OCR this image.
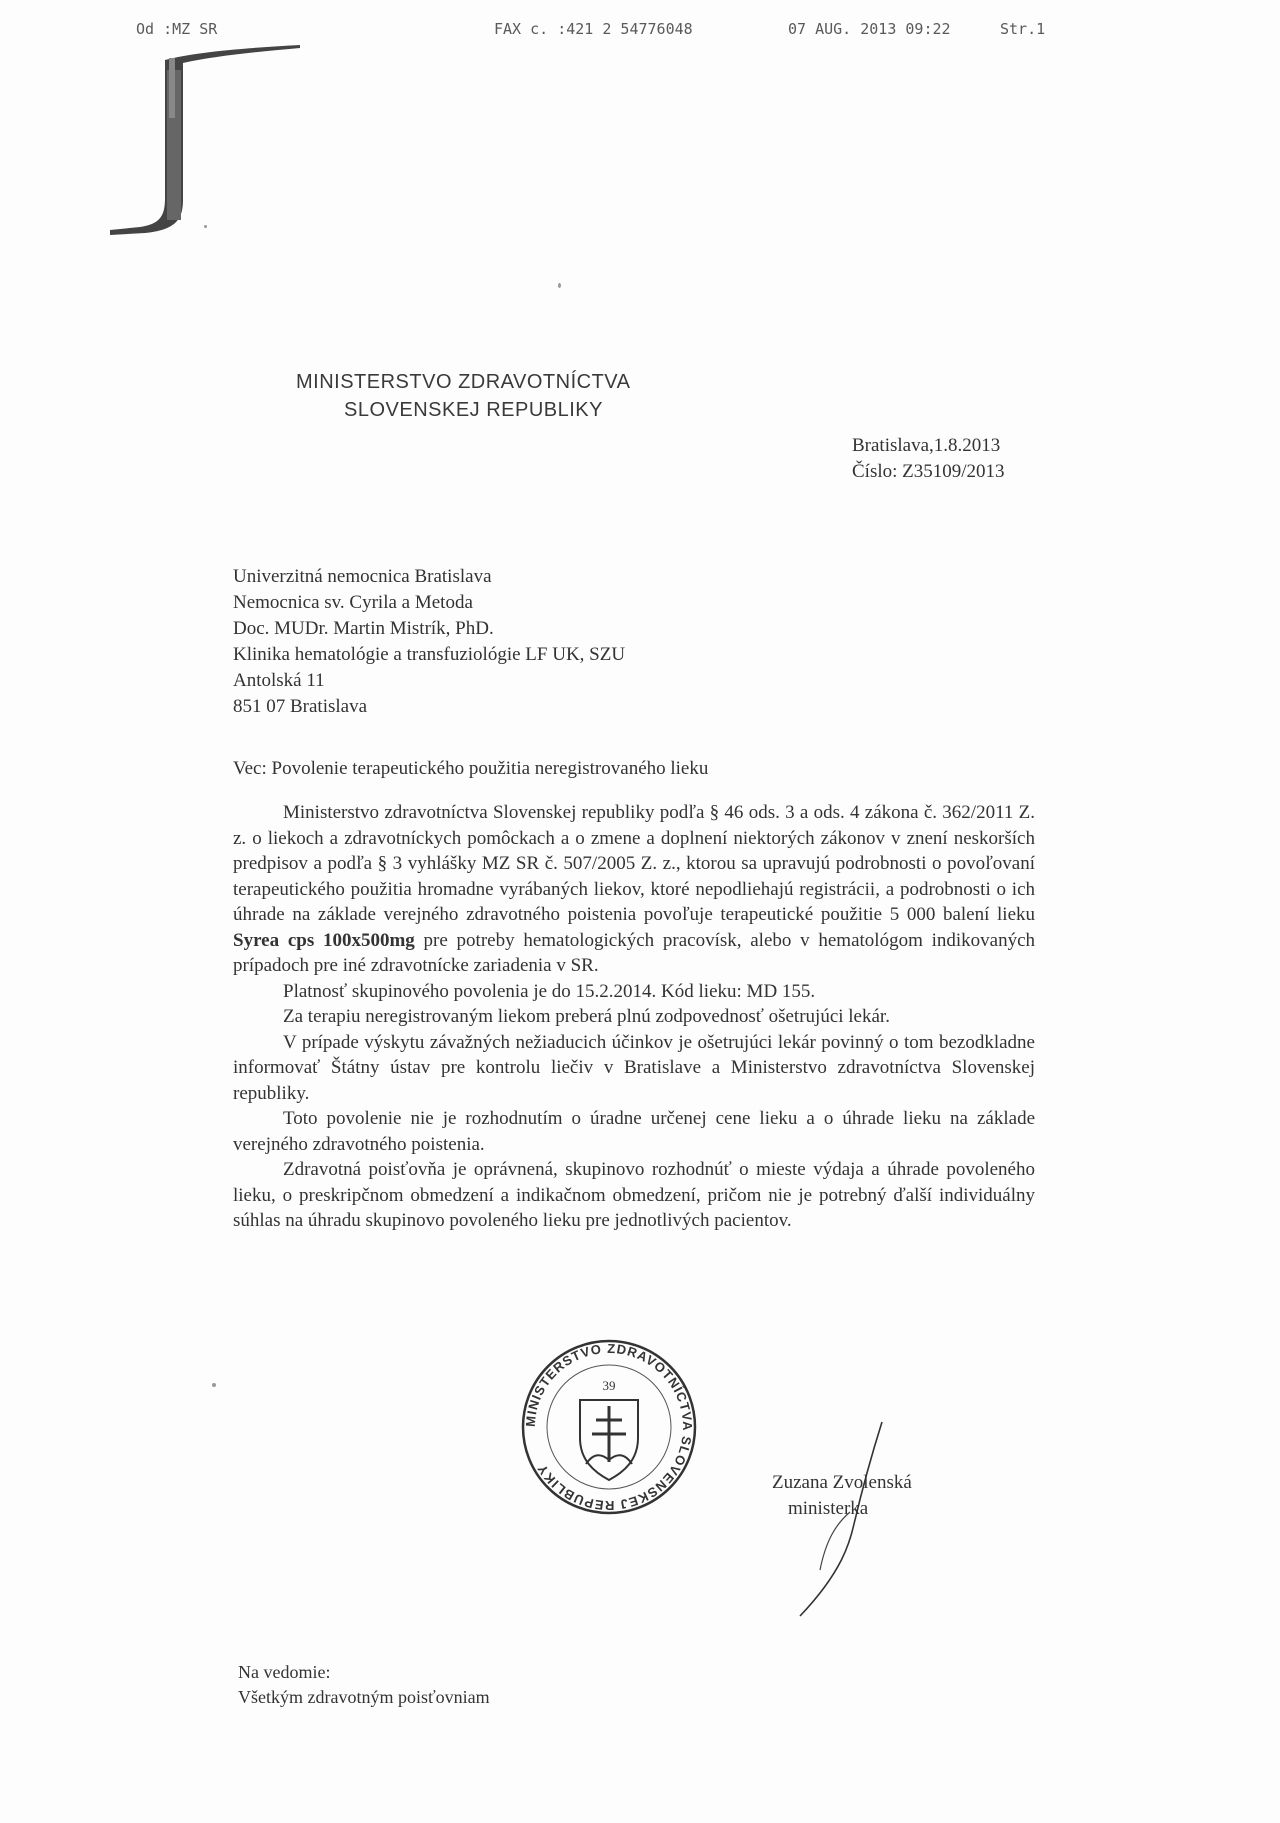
Od :MZ SR	FAX c. :421 2 54776048	07 AUG. 2013 09:22	Str.1
MINISTERSTVO ZDRAVOTNÍCTVA
SLOVENSKEJ REPUBLIKY
Bratislava,1.8.2013
Číslo: Z35109/2013
Univerzitná nemocnica Bratislava
Nemocnica sv. Cyrila a Metoda
Doc. MUDr. Martin Mistrík, PhD.
Klinika hematológie a transfuziológie LF UK, SZU
Antolská 11
851 07 Bratislava
Vec: Povolenie terapeutického použitia neregistrovaného lieku

Ministerstvo zdravotníctva Slovenskej republiky podľa § 46 ods. 3 a ods. 4 zákona č. 362/2011 Z. z. o liekoch a zdravotníckych pomôckach a o zmene a doplnení niektorých zákonov v znení neskorších predpisov a podľa § 3 vyhlášky MZ SR č. 507/2005 Z. z., ktorou sa upravujú podrobnosti o povoľovaní terapeutického použitia hromadne vyrábaných liekov, ktoré nepodliehajú registrácii, a podrobnosti o ich úhrade na základe verejného zdravotného poistenia povoľuje terapeutické použitie 5 000 balení lieku Syrea cps 100x500mg pre potreby hematologických pracovísk, alebo v hematológom indikovaných prípadoch pre iné zdravotnícke zariadenia v SR.

Platnosť skupinového povolenia je do 15.2.2014. Kód lieku: MD 155.

Za terapiu neregistrovaným liekom preberá plnú zodpovednosť ošetrujúci lekár.

V prípade výskytu závažných nežiaducich účinkov je ošetrujúci lekár povinný o tom bezodkladne informovať Štátny ústav pre kontrolu liečiv v Bratislave a Ministerstvo zdravotníctva Slovenskej republiky.

Toto povolenie nie je rozhodnutím o úradne určenej cene lieku a o úhrade lieku na základe verejného zdravotného poistenia.

Zdravotná poisťovňa je oprávnená, skupinovo rozhodnúť o mieste výdaja a úhrade povoleného lieku, o preskripčnom obmedzení a indikačnom obmedzení, pričom nie je potrebný ďalší individuálny súhlas na úhradu skupinovo povoleného lieku pre jednotlivých pacientov.

MINISTERSTVO ZDRAVOTNÍCTVA SLOVENSKEJ REPUBLIKY
39
Zuzana Zvolenská
ministerka
Na vedomie:
Všetkým zdravotným poisťovniam
